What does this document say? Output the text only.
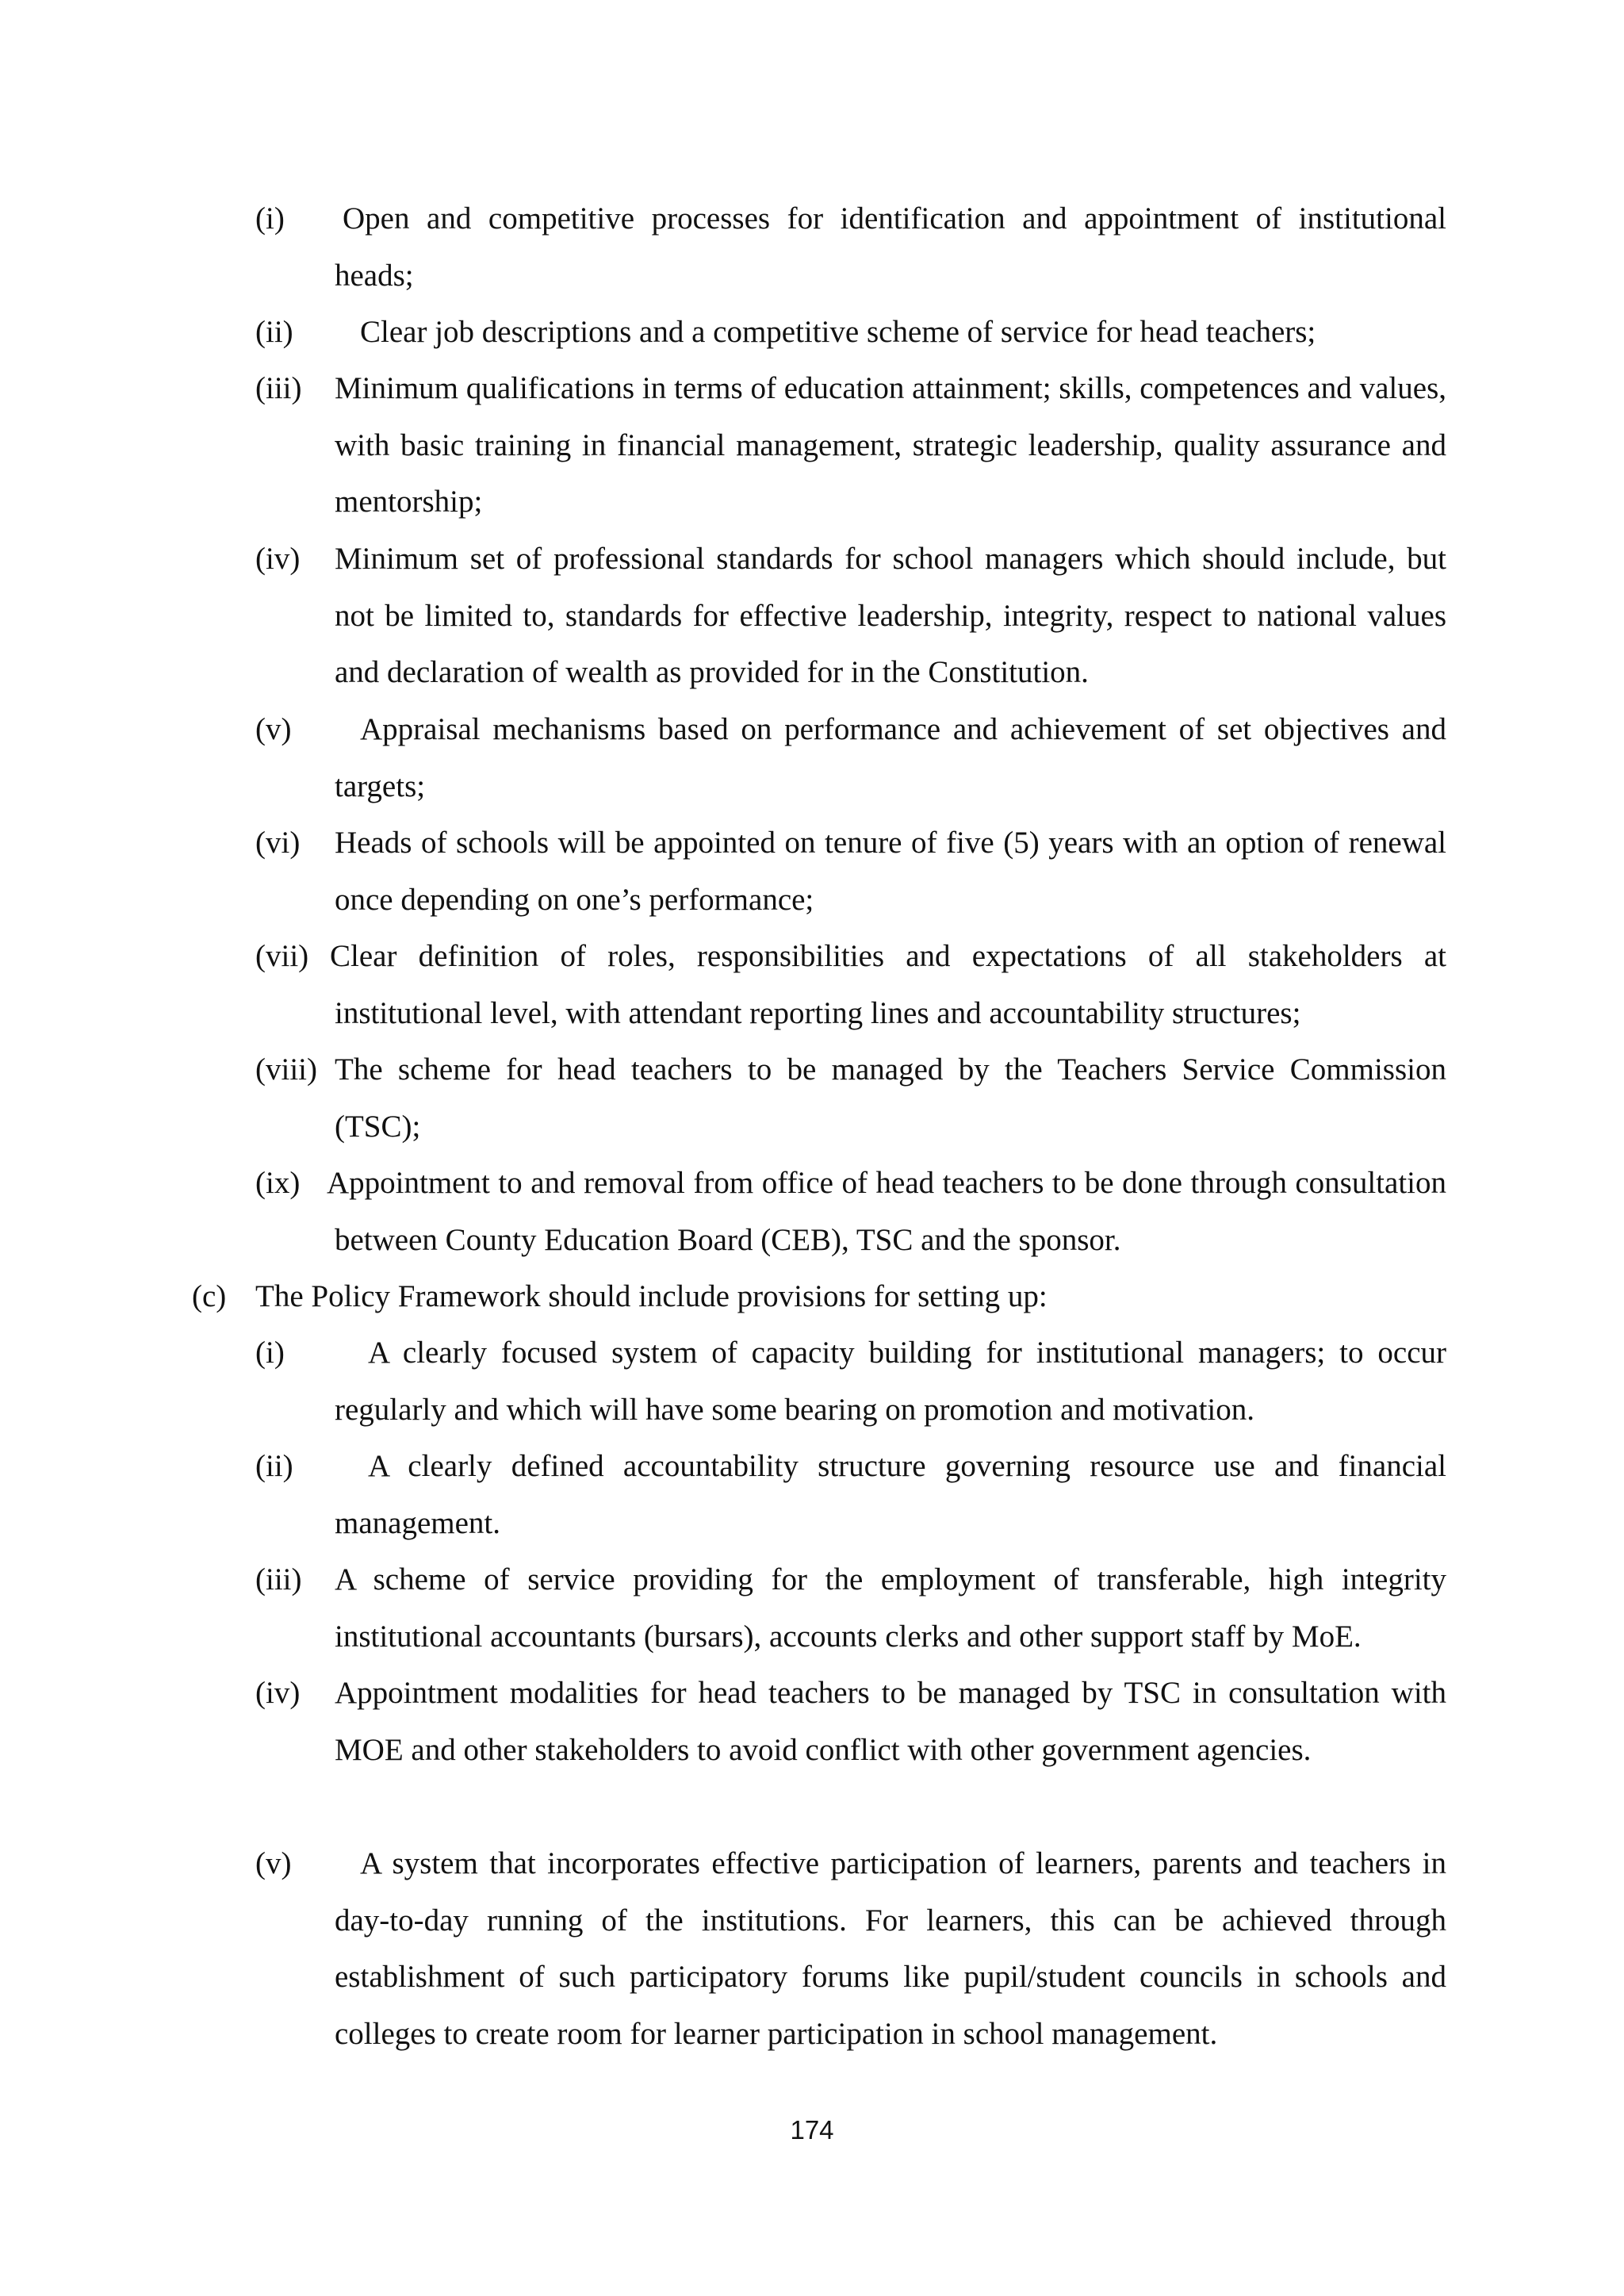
(i) Open and competitive processes for identification and appointment of institutional heads;
(ii)	Clear job descriptions and a competitive scheme of service for head teachers;
(iii) Minimum qualifications in terms of education attainment; skills, competences and values, with basic training in financial management, strategic leadership, quality assurance and mentorship;
(iv) Minimum set of professional standards for school managers which should include, but not be limited to, standards for effective leadership, integrity, respect to national values and declaration of wealth as provided for in the Constitution.
(v)	Appraisal mechanisms based on performance and achievement of set objectives and targets;
(vi) Heads of schools will be appointed on tenure of five (5) years with an option of renewal once depending on one’s performance;
(vii) Clear definition of roles, responsibilities and expectations of all stakeholders at institutional level, with attendant reporting lines and accountability structures;
(viii) The scheme for head teachers to be managed by the Teachers Service Commission (TSC);
(ix) Appointment to and removal from office of head teachers to be done through consultation between County Education Board (CEB), TSC and the sponsor.
(c) The Policy Framework should include provisions for setting up:
(i)	A clearly focused system of capacity building for institutional managers; to occur regularly and which will have some bearing on promotion and motivation.
(ii)	A clearly defined accountability structure governing resource use and financial management.
(iii) A scheme of service providing for the employment of transferable, high integrity institutional accountants (bursars), accounts clerks and other support staff by MoE.
(iv) Appointment modalities for head teachers to be managed by TSC in consultation with MOE and other stakeholders to avoid conflict with other government agencies.
(v)	A system that incorporates effective participation of learners, parents and teachers in day-to-day running of the institutions. For learners, this can be achieved through establishment of such participatory forums like pupil/student councils in schools and colleges to create room for learner participation in school management.
174
